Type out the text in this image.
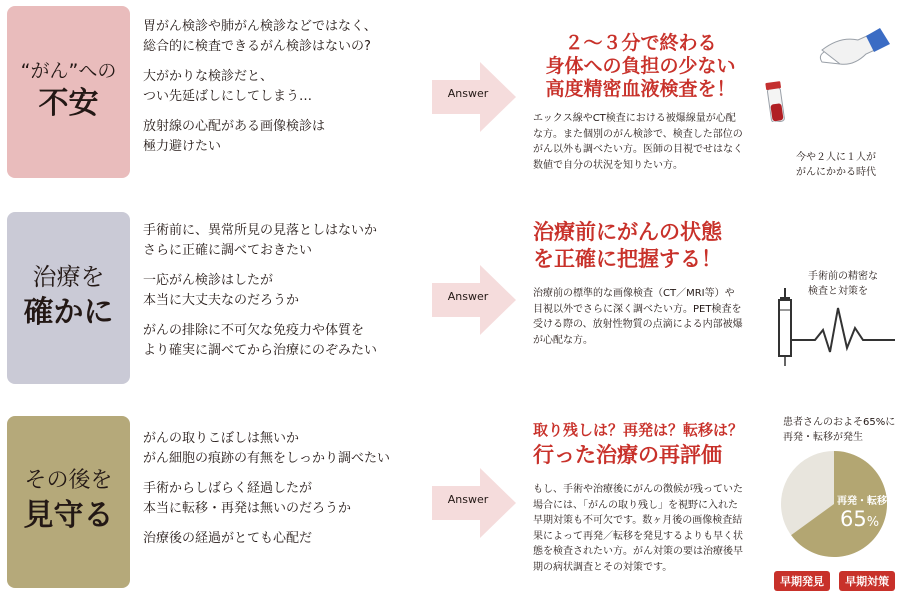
“がん”への
不安
胃がん検診や肺がん検診などではなく、
総合的に検査できるがん検診はないの?
大がかりな検診だと、
つい先延ばしにしてしまう…
放射線の心配がある画像検診は
極力避けたい
Answer
２〜３分で終わる
身体への負担の少ない
高度精密血液検査を！
エックス線やCT検査における被爆線量が心配な方。また個別のがん検診で、検査した部位のがん以外も調べたい方。医師の目視でせはなく数値で自分の状況を知りたい方。
今や２人に１人が
がんにかかる時代
治療を
確かに
手術前に、異常所見の見落としはないか
さらに正確に調べておきたい
一応がん検診はしたが
本当に大丈夫なのだろうか
がんの排除に不可欠な免疫力や体質を
より確実に調べてから治療にのぞみたい
Answer
治療前にがんの状態
を正確に把握する！
治療前の標準的な画像検査（CT／MRI等）や目視以外でさらに深く調べたい方。PET検査を受ける際の、放射性物質の点滴による内部被爆が心配な方。
手術前の精密な
検査と対策を
その後を
見守る
がんの取りこぼしは無いか
がん細胞の痕跡の有無をしっかり調べたい
手術からしばらく経過したが
本当に転移・再発は無いのだろうか
治療後の経過がとても心配だ
Answer
取り残しは？再発は？転移は？
行った治療の再評価
もし、手術や治療後にがんの徴候が残っていた場合には、「がんの取り残し」を視野に入れた早期対策も不可欠です。数ヶ月後の画像検査結果によって再発／転移を発見するよりも早く状態を検査されたい方。がん対策の要は治療後早期の病状調査とその対策です。
患者さんのおよそ65%に
再発・転移が発生
再発・転移
65%
早期発見 早期対策
